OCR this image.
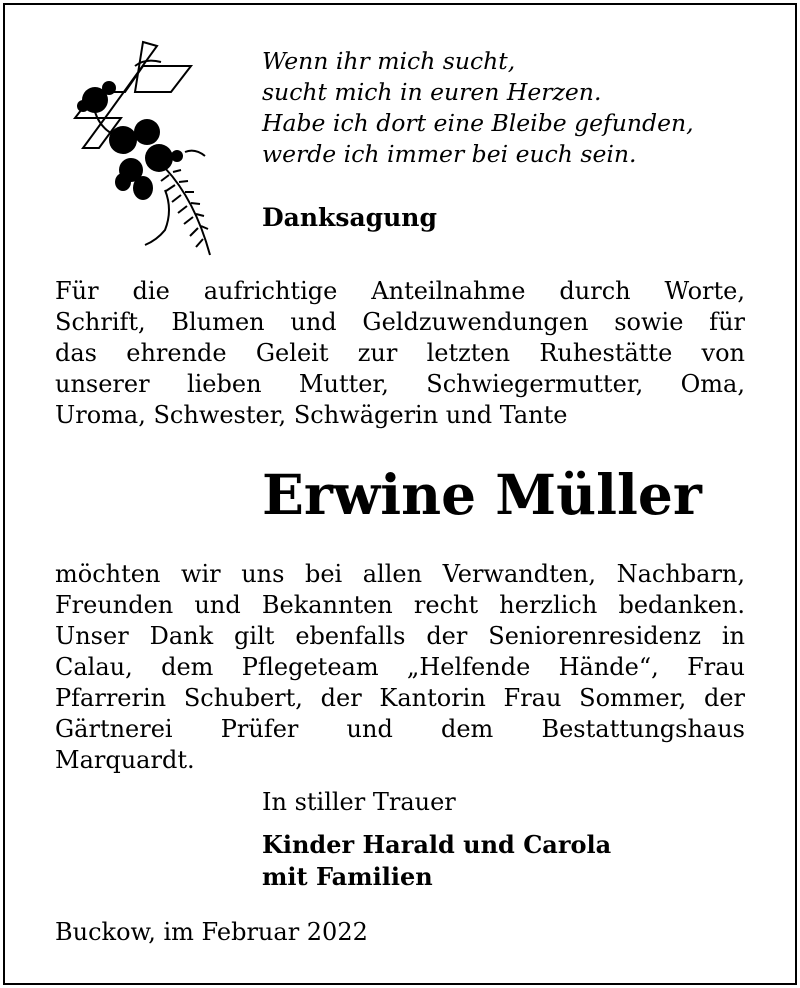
Wenn ihr mich sucht,
sucht mich in euren Herzen.
Habe ich dort eine Bleibe gefunden,
werde ich immer bei euch sein.
Danksagung
Für die aufrichtige Anteilnahme durch Worte,
Schrift, Blumen und Geldzuwendungen sowie für
das ehrende Geleit zur letzten Ruhestätte von
unserer lieben Mutter, Schwiegermutter, Oma,
Uroma, Schwester, Schwägerin und Tante
Erwine Müller
möchten wir uns bei allen Verwandten, Nachbarn,
Freunden und Bekannten recht herzlich bedanken.
Unser Dank gilt ebenfalls der Seniorenresidenz in
Calau, dem Pflegeteam „Helfende Hände“, Frau
Pfarrerin Schubert, der Kantorin Frau Sommer, der
Gärtnerei Prüfer und dem Bestattungshaus
Marquardt.
In stiller Trauer
Kinder Harald und Carola
mit Familien
Buckow, im Februar 2022
